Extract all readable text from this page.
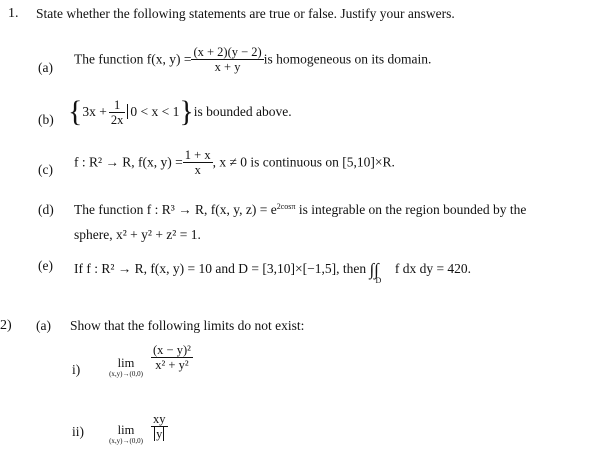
1. State whether the following statements are true or false. Justify your answers.
(a)
The function f(x, $y) = \frac{(x + 2)(y - 2)}{x + y}$ is homogeneous on its domain.
(b) $\{3x + \frac{1}{2x} 0 < x < 1\}is$ bounded above.
(c) f : R² → R, f(x, $y) = \frac{1 + x}{x}$ , x ≠ 0 is continuous on [5,10]×R.
(d) The function f : R³ → R, f(x, y, $z) = e^{2cos\pi}$ is integrable on the region bounded by the
sphere, x² + y² + z² = 1.
(e) If f : R² → R, f(x, y) = 10 and D = [3,10]×[−1,5], then ∫∫
D
f dx dy = 420.
2) (a) Show that the following limits do not exist:
i)	lim
(x,y)→(0,0)
$\frac{\text{(x − y)²}}{\text{x² + y²}}$
ii)	lim
$(x,y)\to(0,0) \frac{xy}{y}$
